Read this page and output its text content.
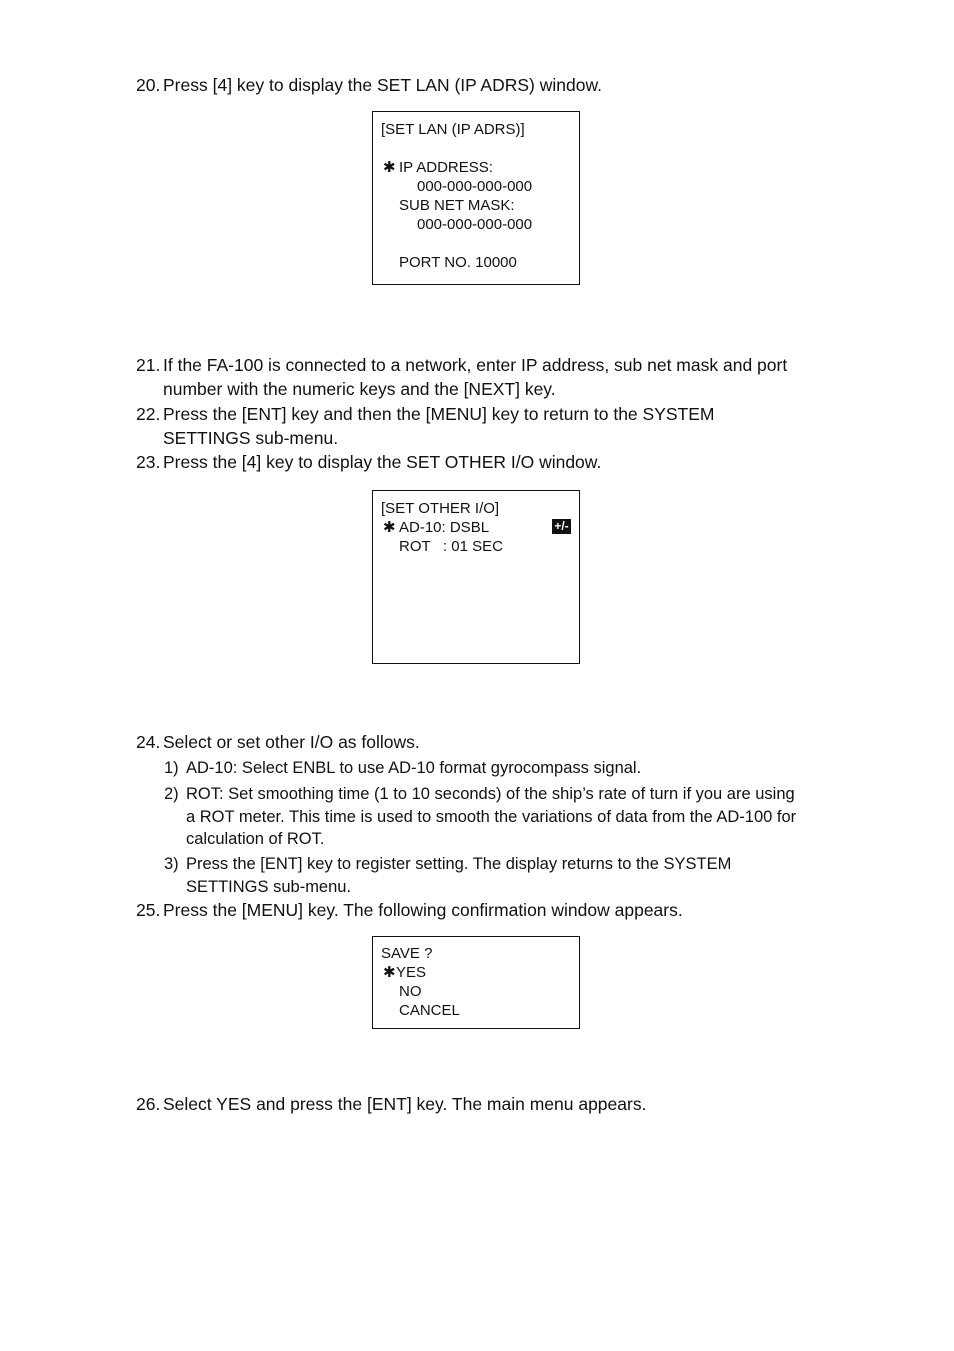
20. Press [4] key to display the SET LAN (IP ADRS) window.
[SET LAN (IP ADRS)]
✱ IP ADDRESS:
000-000-000-000
SUB NET MASK:
000-000-000-000
PORT NO. 10000
21. If the FA-100 is connected to a network, enter IP address, sub net mask and port number with the numeric keys and the [NEXT] key.
22. Press the [ENT] key and then the [MENU] key to return to the SYSTEM SETTINGS sub-menu.
23. Press the [4] key to display the SET OTHER I/O window.
[SET OTHER I/O]
✱ AD-10: DSBL	+/-
ROT   : 01 SEC
24. Select or set other I/O as follows.
1) AD-10: Select ENBL to use AD-10 format gyrocompass signal.
2) ROT: Set smoothing time (1 to 10 seconds) of the ship’s rate of turn if you are using a ROT meter. This time is used to smooth the variations of data from the AD-100 for calculation of ROT.
3) Press the [ENT] key to register setting. The display returns to the SYSTEM SETTINGS sub-menu.
25. Press the [MENU] key. The following confirmation window appears.
SAVE ?
✱ YES
NO
CANCEL
26. Select YES and press the [ENT] key. The main menu appears.
